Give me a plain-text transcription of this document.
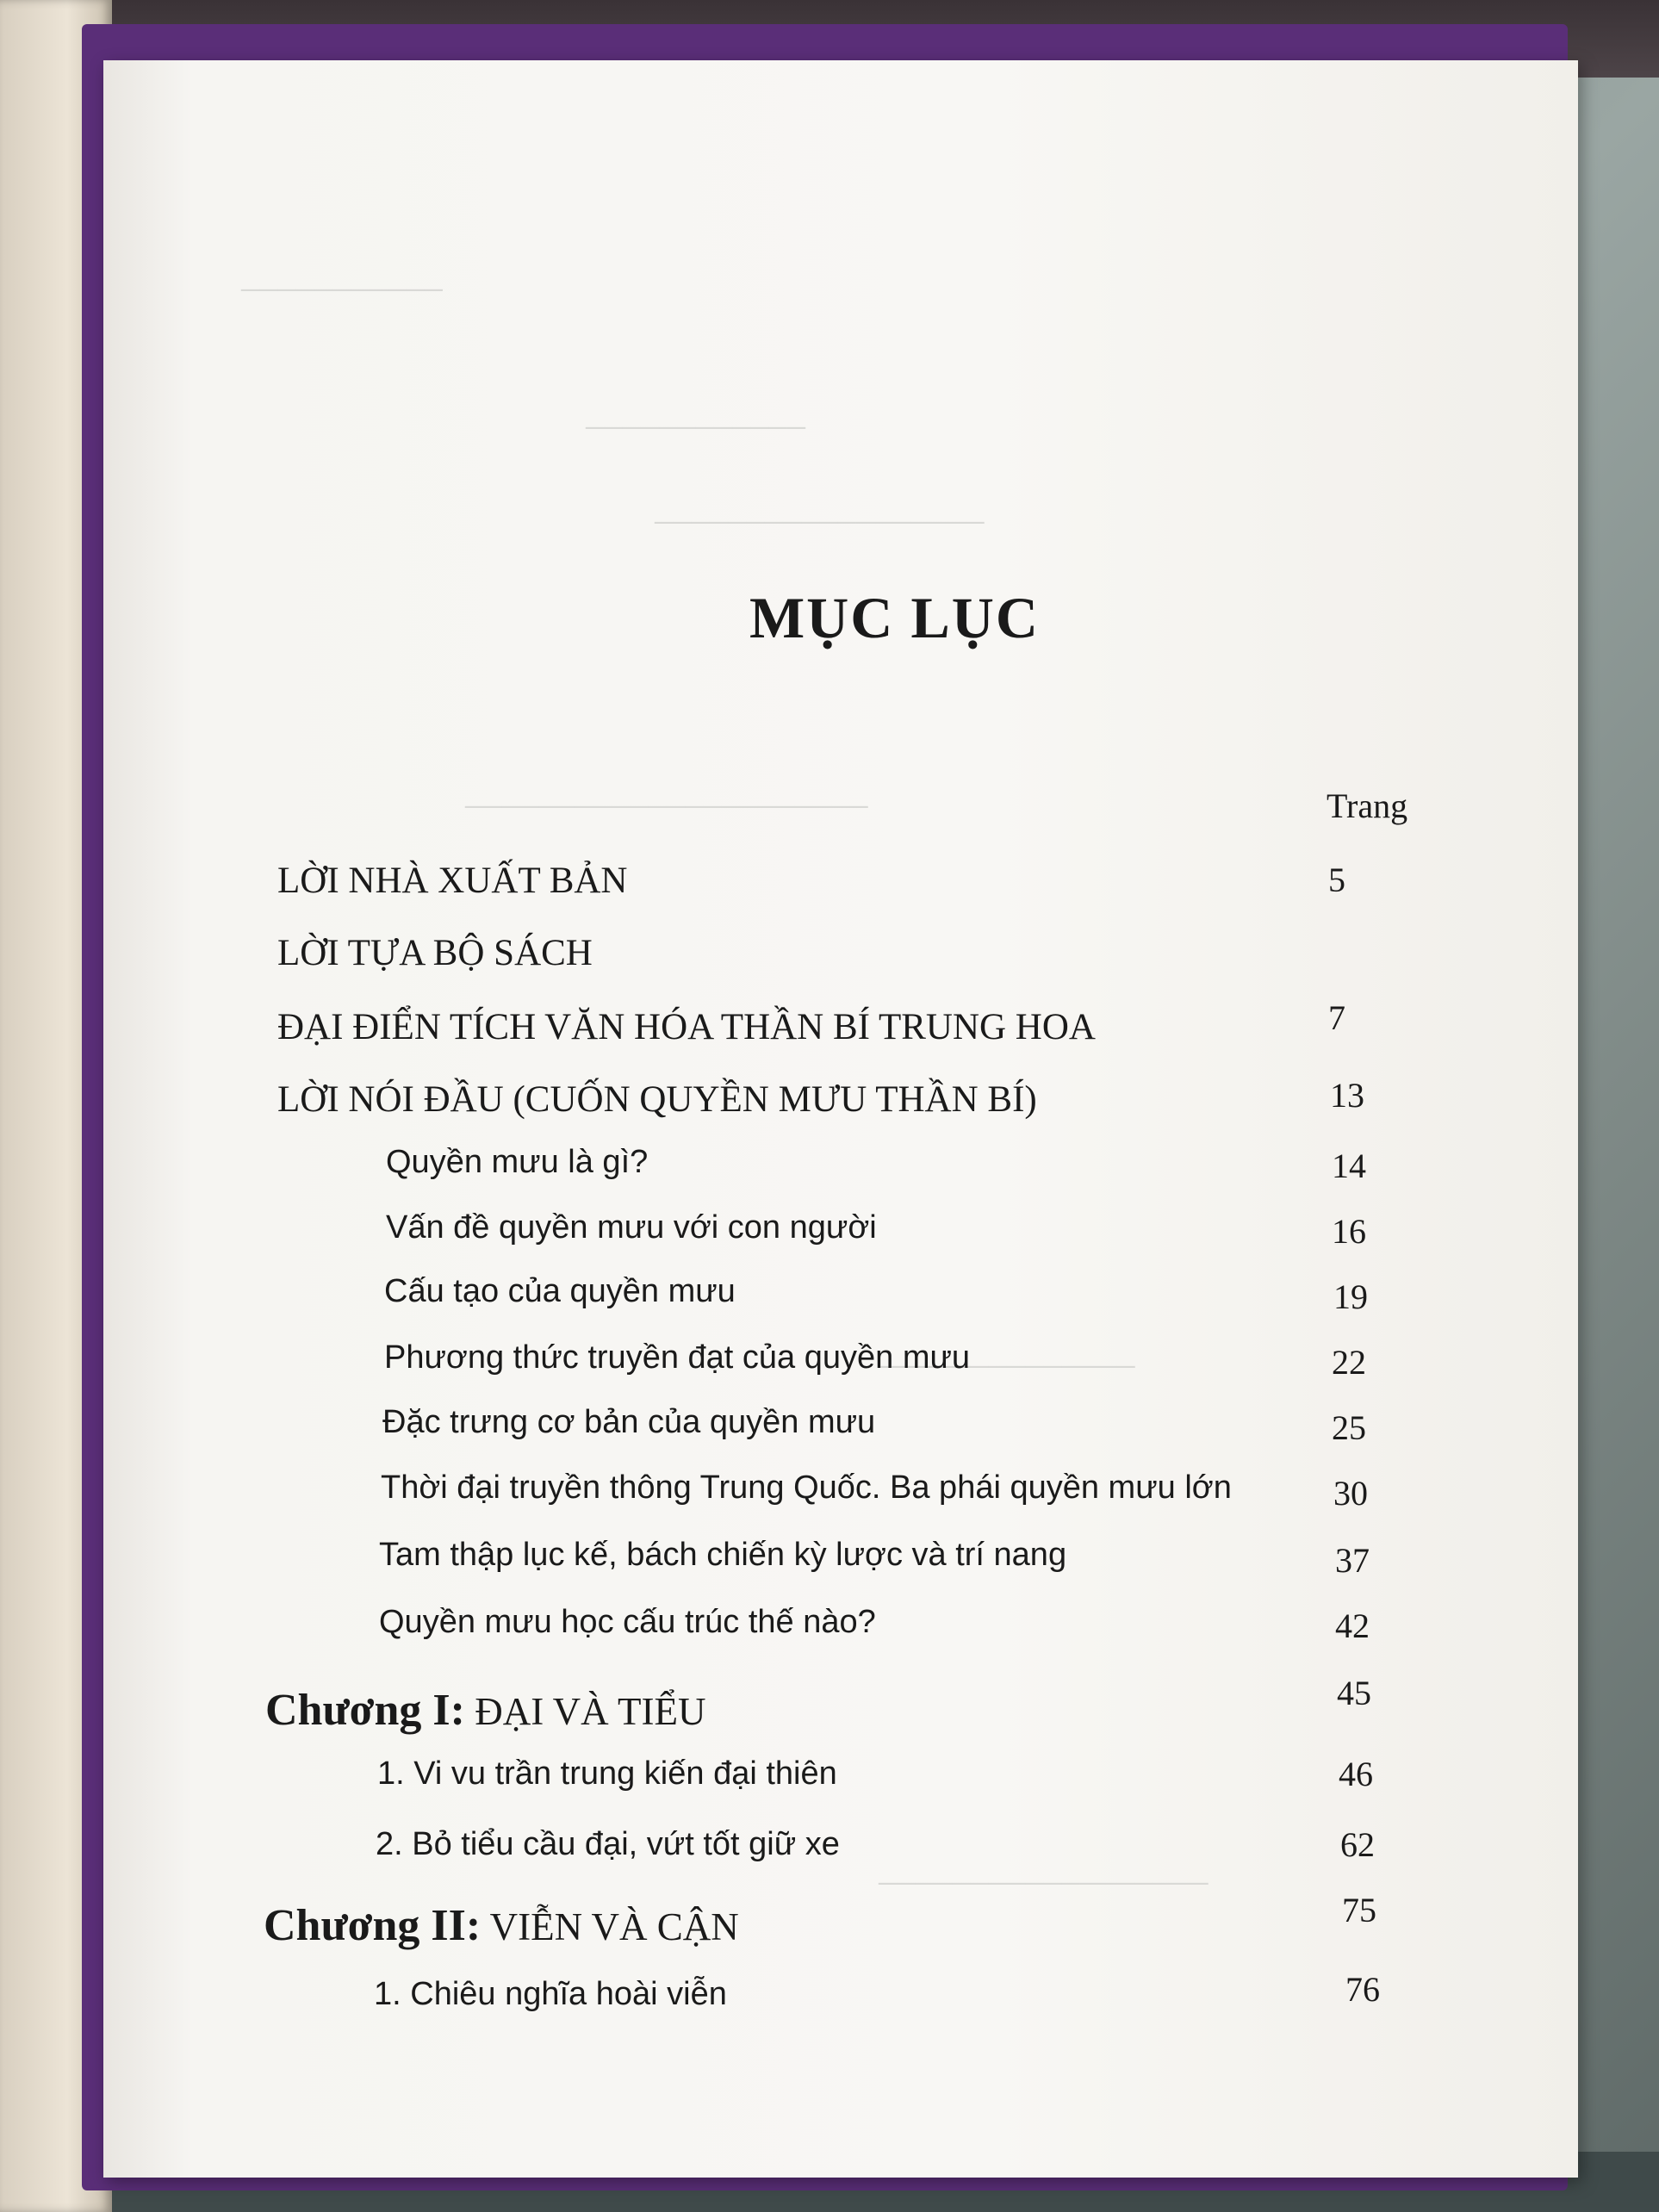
───────────
────────────
──────────────────
──────────────────────
──────────────
──────────────────
MỤC LỤC
Trang
LỜI NHÀ XUẤT BẢN	5
LỜI TỰA BỘ SÁCH
ĐẠI ĐIỂN TÍCH VĂN HÓA THẦN BÍ TRUNG HOA	7
LỜI NÓI ĐẦU (CUỐN QUYỀN MƯU THẦN BÍ)	13
Quyền mưu là gì?	14
Vấn đề quyền mưu với con người	16
Cấu tạo của quyền mưu	19
Phương thức truyền đạt của quyền mưu	22
Đặc trưng cơ bản của quyền mưu	25
Thời đại truyền thông Trung Quốc. Ba phái quyền mưu lớn	30
Tam thập lục kế, bách chiến kỳ lược và trí nang	37
Quyền mưu học cấu trúc thế nào?	42
Chương I: ĐẠI VÀ TIỂU	45
1. Vi vu trần trung kiến đại thiên	46
2. Bỏ tiểu cầu đại, vứt tốt giữ xe	62
Chương II: VIỄN VÀ CẬN	75
1. Chiêu nghĩa hoài viễn	76
